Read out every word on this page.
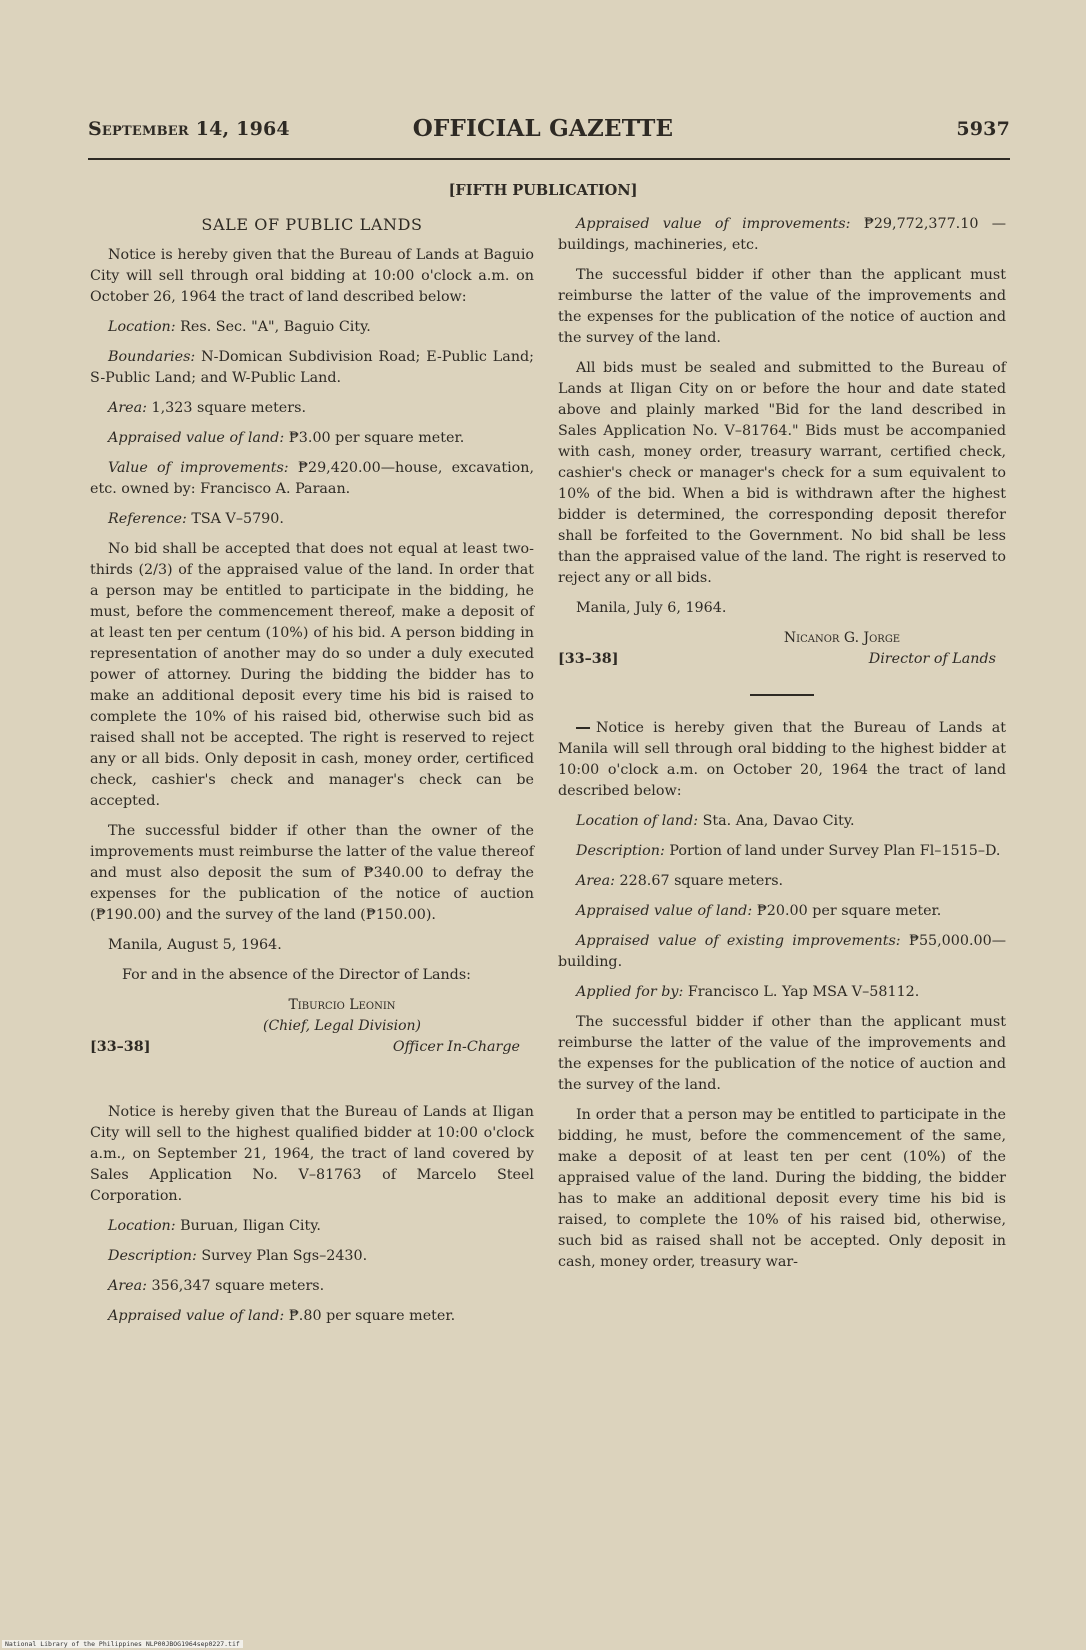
September 14, 1964	OFFICIAL GAZETTE	5937
[FIFTH PUBLICATION]
SALE OF PUBLIC LANDS

Notice is hereby given that the Bureau of Lands at Baguio City will sell through oral bidding at 10:00 o'clock a.m. on October 26, 1964 the tract of land described below:

Location: Res. Sec. "A", Baguio City.

Boundaries: N-Domican Subdivision Road; E-Public Land; S-Public Land; and W-Public Land.

Area: 1,323 square meters.

Appraised value of land: ₱3.00 per square meter.

Value of improvements: ₱29,420.00—house, excavation, etc. owned by: Francisco A. Paraan.

Reference: TSA V–5790.

No bid shall be accepted that does not equal at least two-thirds (2/3) of the appraised value of the land. In order that a person may be entitled to participate in the bidding, he must, before the commencement thereof, make a deposit of at least ten per centum (10%) of his bid. A person bidding in representation of another may do so under a duly executed power of attorney. During the bidding the bidder has to make an additional deposit every time his bid is raised to complete the 10% of his raised bid, otherwise such bid as raised shall not be accepted. The right is reserved to reject any or all bids. Only deposit in cash, money order, certificed check, cashier's check and manager's check can be accepted.

The successful bidder if other than the owner of the improvements must reimburse the latter of the value thereof and must also deposit the sum of ₱340.00 to defray the expenses for the publication of the notice of auction (₱190.00) and the survey of the land (₱150.00).

Manila, August 5, 1964.

For and in the absence of the Director of Lands:

Tiburcio Leonin
(Chief, Legal Division)
[33–38]	Officer In-Charge

Notice is hereby given that the Bureau of Lands at Iligan City will sell to the highest qualified bidder at 10:00 o'clock a.m., on September 21, 1964, the tract of land covered by Sales Application No. V–81763 of Marcelo Steel Corporation.

Location: Buruan, Iligan City.

Description: Survey Plan Sgs–2430.

Area: 356,347 square meters.

Appraised value of land: ₱.80 per square meter.

Appraised value of improvements: ₱29,772,377.10 —buildings, machineries, etc.

The successful bidder if other than the applicant must reimburse the latter of the value of the improvements and the expenses for the publication of the notice of auction and the survey of the land.

All bids must be sealed and submitted to the Bureau of Lands at Iligan City on or before the hour and date stated above and plainly marked "Bid for the land described in Sales Application No. V–81764." Bids must be accompanied with cash, money order, treasury warrant, certified check, cashier's check or manager's check for a sum equivalent to 10% of the bid. When a bid is withdrawn after the highest bidder is determined, the corresponding deposit therefor shall be forfeited to the Government. No bid shall be less than the appraised value of the land. The right is reserved to reject any or all bids.

Manila, July 6, 1964.

Nicanor G. Jorge
[33–38]	Director of Lands

Notice is hereby given that the Bureau of Lands at Manila will sell through oral bidding to the highest bidder at 10:00 o'clock a.m. on October 20, 1964 the tract of land described below:

Location of land: Sta. Ana, Davao City.

Description: Portion of land under Survey Plan Fl–1515–D.

Area: 228.67 square meters.

Appraised value of land: ₱20.00 per square meter.

Appraised value of existing improvements: ₱55,000.00—building.

Applied for by: Francisco L. Yap MSA V–58112.

The successful bidder if other than the applicant must reimburse the latter of the value of the improvements and the expenses for the publication of the notice of auction and the survey of the land.

In order that a person may be entitled to participate in the bidding, he must, before the commencement of the same, make a deposit of at least ten per cent (10%) of the appraised value of the land. During the bidding, the bidder has to make an additional deposit every time his bid is raised, to complete the 10% of his raised bid, otherwise, such bid as raised shall not be accepted. Only deposit in cash, money order, treasury war-

National Library of the Philippines NLP00JBOG1964sep0227.tif
